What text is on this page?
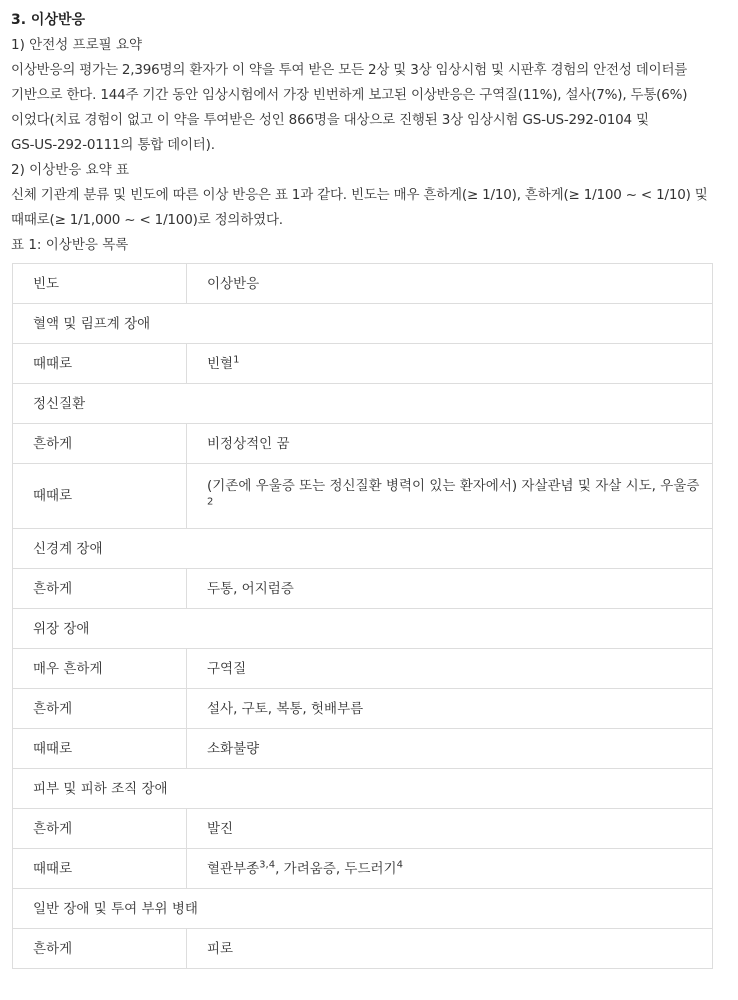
3. 이상반응
1) 안전성 프로필 요약
이상반응의 평가는 2,396명의 환자가 이 약을 투여 받은 모든 2상 및 3상 임상시험 및 시판후 경험의 안전성 데이터를
기반으로 한다. 144주 기간 동안 임상시험에서 가장 빈번하게 보고된 이상반응은 구역질(11%), 설사(7%), 두통(6%)
이었다(치료 경험이 없고 이 약을 투여받은 성인 866명을 대상으로 진행된 3상 임상시험 GS-US-292-0104 및
GS-US-292-0111의 통합 데이터).
2) 이상반응 요약 표
신체 기관계 분류 및 빈도에 따른 이상 반응은 표 1과 같다. 빈도는 매우 흔하게(≥ 1/10), 흔하게(≥ 1/100 ~ < 1/10) 및
때때로(≥ 1/1,000 ~ < 1/100)로 정의하였다.
표 1: 이상반응 목록
빈도	이상반응
혈액 및 림프계 장애	
때때로	빈혈$^1$
정신질환	
흔하게	비정상적인 꿈
때때로	(기존에 우울증 또는 정신질환 병력이 있는 환자에서) 자살관념 및 자살 시도, 우울증 $^2$
신경계 장애	
흔하게	두통, 어지럼증
위장 장애	
매우 흔하게	구역질
흔하게	설사, 구토, 복통, 헛배부름
때때로	소화불량
피부 및 피하 조직 장애	
흔하게	발진
때때로	혈관부종$^{3,4}$, 가려움증, 두드러기$^4$
일반 장애 및 투여 부위 병태	
흔하게	피로
